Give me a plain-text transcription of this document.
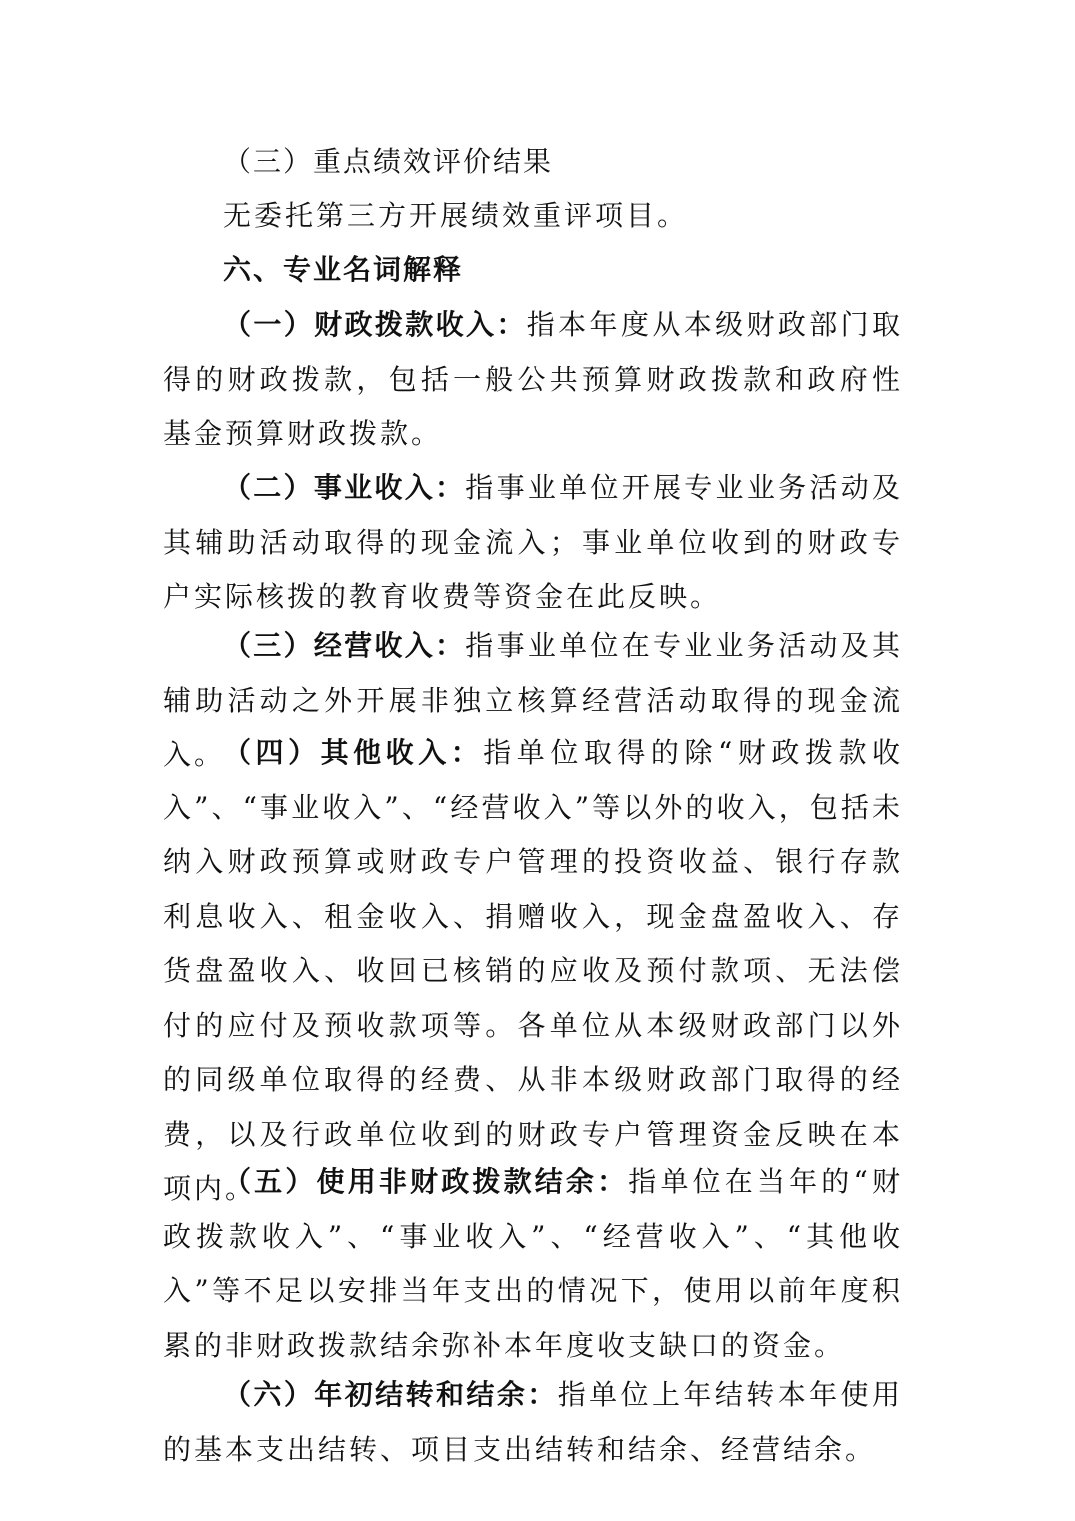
（三）重点绩效评价结果

无委托第三方开展绩效重评项目。

六、专业名词解释

（一）财政拨款收入：指本年度从本级财政部门取得的财政拨款，包括一般公共预算财政拨款和政府性基金预算财政拨款。

（二）事业收入：指事业单位开展专业业务活动及其辅助活动取得的现金流入；事业单位收到的财政专户实际核拨的教育收费等资金在此反映。

（三）经营收入：指事业单位在专业业务活动及其辅助活动之外开展非独立核算经营活动取得的现金流入。

（四）其他收入：指单位取得的除“财政拨款收入”、“事业收入”、“经营收入”等以外的收入，包括未纳入财政预算或财政专户管理的投资收益、银行存款利息收入、租金收入、捐赠收入，现金盘盈收入、存货盘盈收入、收回已核销的应收及预付款项、无法偿付的应付及预收款项等。各单位从本级财政部门以外的同级单位取得的经费、从非本级财政部门取得的经费，以及行政单位收到的财政专户管理资金反映在本项内。

（五）使用非财政拨款结余：指单位在当年的“财政拨款收入”、“事业收入”、“经营收入”、“其他收入”等不足以安排当年支出的情况下，使用以前年度积累的非财政拨款结余弥补本年度收支缺口的资金。

（六）年初结转和结余：指单位上年结转本年使用的基本支出结转、项目支出结转和结余、经营结余。
